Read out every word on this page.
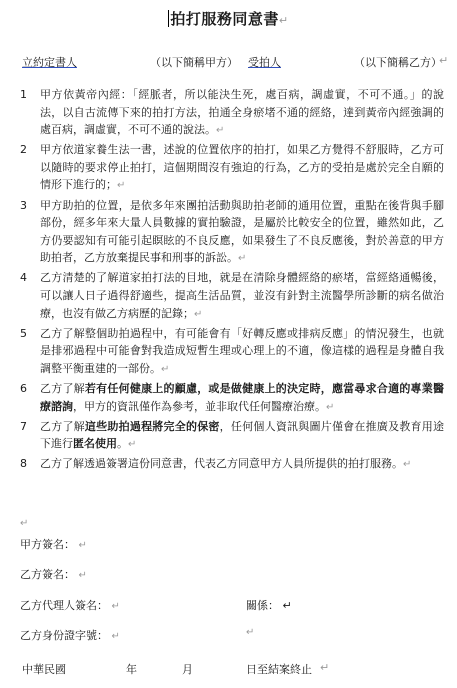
拍打服務同意書↵
立約定書人	（以下簡稱甲方） 受拍人	（以下簡稱乙方）
↵
1	甲方依黃帝內經：「經脈者，所以能決生死，處百病，調虛實，不可不通。」的說法，以自古流傳下來的拍打方法，拍通全身瘀堵不通的經絡，達到黃帝內經強調的處百病，調虛實，不可不通的說法。↵
2	甲方依道家養生法一書，述說的位置依序的拍打，如果乙方覺得不舒服時，乙方可以隨時的要求停止拍打，這個期間沒有強迫的行為，乙方的受拍是處於完全自願的情形下進行的；↵
3	甲方助拍的位置，是依多年來團拍活動與助拍老師的通用位置，重點在後背與手腳部份，經多年來大量人員數據的實拍驗證，是屬於比較安全的位置，雖然如此，乙方仍要認知有可能引起瞑眩的不良反應，如果發生了不良反應後，對於善意的甲方助拍者，乙方放棄提民事和刑事的訴訟。↵
4	乙方清楚的了解道家拍打法的目地，就是在清除身體經絡的瘀堵，當經絡通暢後，可以讓人日子過得舒適些，提高生活品質，並沒有針對主流醫學所診斷的病名做治療，也沒有做乙方病歷的記錄；↵
5	乙方了解整個助拍過程中，有可能會有「好轉反應或排病反應」的情況發生，也就是排邪過程中可能會對我造成短暫生理或心理上的不適，像這樣的過程是身體自我調整平衡重建的一部份。↵
6	乙方了解若有任何健康上的顧慮，或是做健康上的決定時，應當尋求合適的專業醫療諮詢，甲方的資訊僅作為參考，並非取代任何醫療治療。↵
7	乙方了解這些助拍過程將完全的保密，任何個人資訊與圖片僅會在推廣及教育用途下進行匿名使用。↵
8	乙方了解透過簽署這份同意書，代表乙方同意甲方人員所提供的拍打服務。↵
↵
甲方簽名： ↵
乙方簽名： ↵
乙方代理人簽名： ↵	關係： ↵
乙方身份證字號： ↵	↵
中華民國	年	月	日至結案終止 ↵
